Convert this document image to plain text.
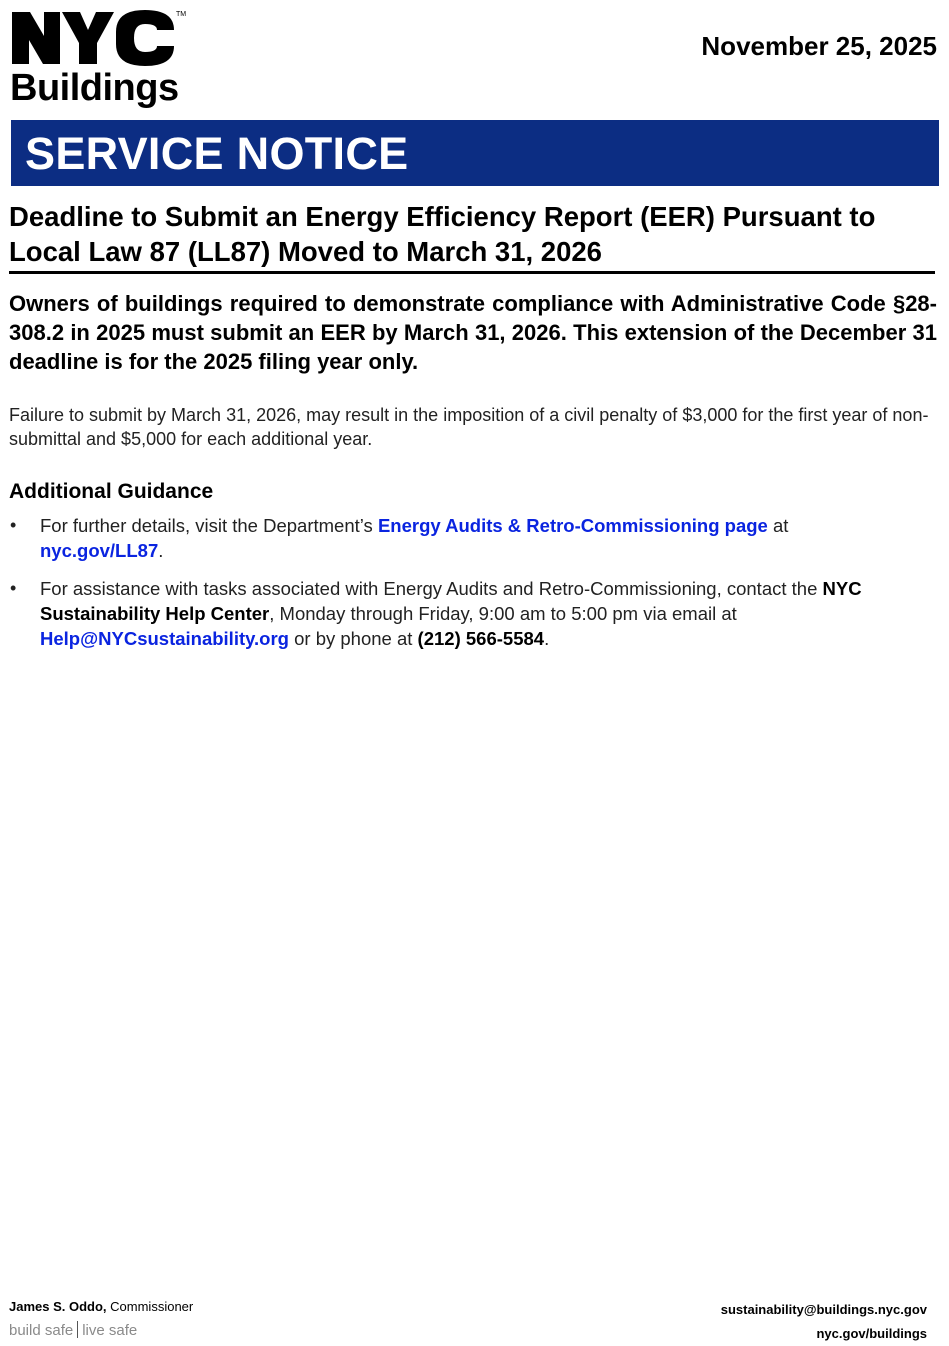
TM
Buildings
November 25, 2025
SERVICE NOTICE
Deadline to Submit an Energy Efficiency Report (EER) Pursuant to Local Law 87 (LL87) Moved to March 31, 2026
Owners of buildings required to demonstrate compliance with Administrative Code §28-308.2 in 2025 must submit an EER by March 31, 2026. This extension of the December 31 deadline is for the 2025 filing year only.
Failure to submit by March 31, 2026, may result in the imposition of a civil penalty of $3,000 for the first year of non-submittal and $5,000 for each additional year.
Additional Guidance
• For further details, visit the Department’s Energy Audits & Retro-Commissioning page at
nyc.gov/LL87.
• For assistance with tasks associated with Energy Audits and Retro-Commissioning, contact the NYC Sustainability Help Center, Monday through Friday, 9:00 am to 5:00 pm via email at Help@NYCsustainability.org or by phone at (212) 566-5584.
James S. Oddo, Commissioner
build safe live safe
sustainability@buildings.nyc.gov
nyc.gov/buildings
